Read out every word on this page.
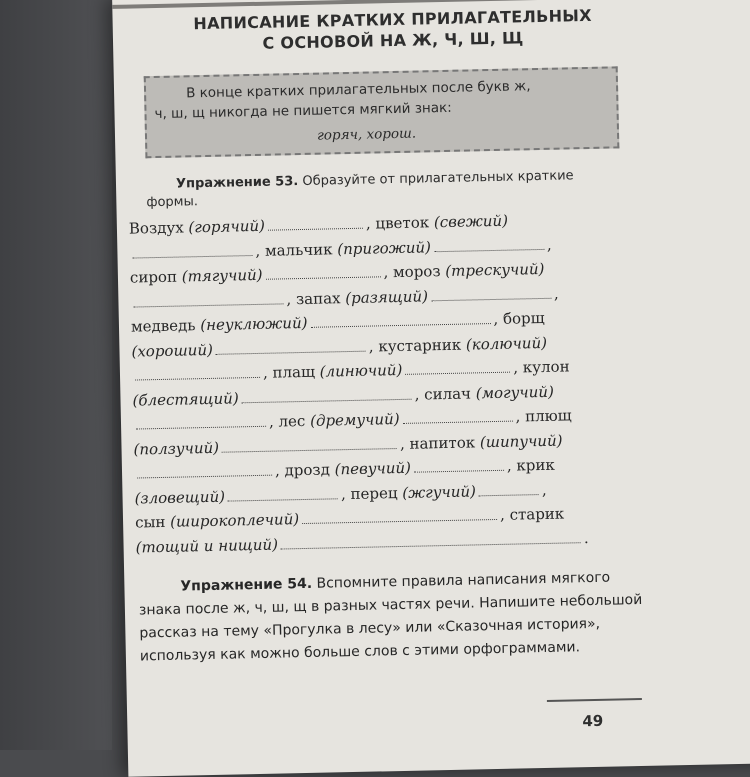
НАПИСАНИЕ КРАТКИХ ПРИЛАГАТЕЛЬНЫХ
С ОСНОВОЙ НА Ж, Ч, Ш, Щ
В конце кратких прилагательных после букв ж,
ч, ш, щ никогда не пишется мягкий знак:
горяч, хорош.
Упражнение 53. Образуйте от прилагательных краткие формы.
Воздух (горячий)	, цветок (свежий)
, мальчик (пригожий)	,
сироп (тягучий)	, мороз (трескучий)
, запах (разящий)	,
медведь (неуклюжий)	, борщ
(хороший)	, кустарник (колючий)
, плащ (линючий)	, кулон
(блестящий)	, силач (могучий)
, лес (дремучий)	, плющ
(ползучий)	, напиток (шипучий)
, дрозд (певучий)	, крик
(зловещий)	, перец (жгучий)	,
сын (широкоплечий)	, старик
(тощий и нищий)	.
Упражнение 54. Вспомните правила написания мягкого знака после ж, ч, ш, щ в разных частях речи. Напишите небольшой рассказ на тему «Прогулка в лесу» или «Сказочная история», используя как можно больше слов с этими орфограммами.
49
